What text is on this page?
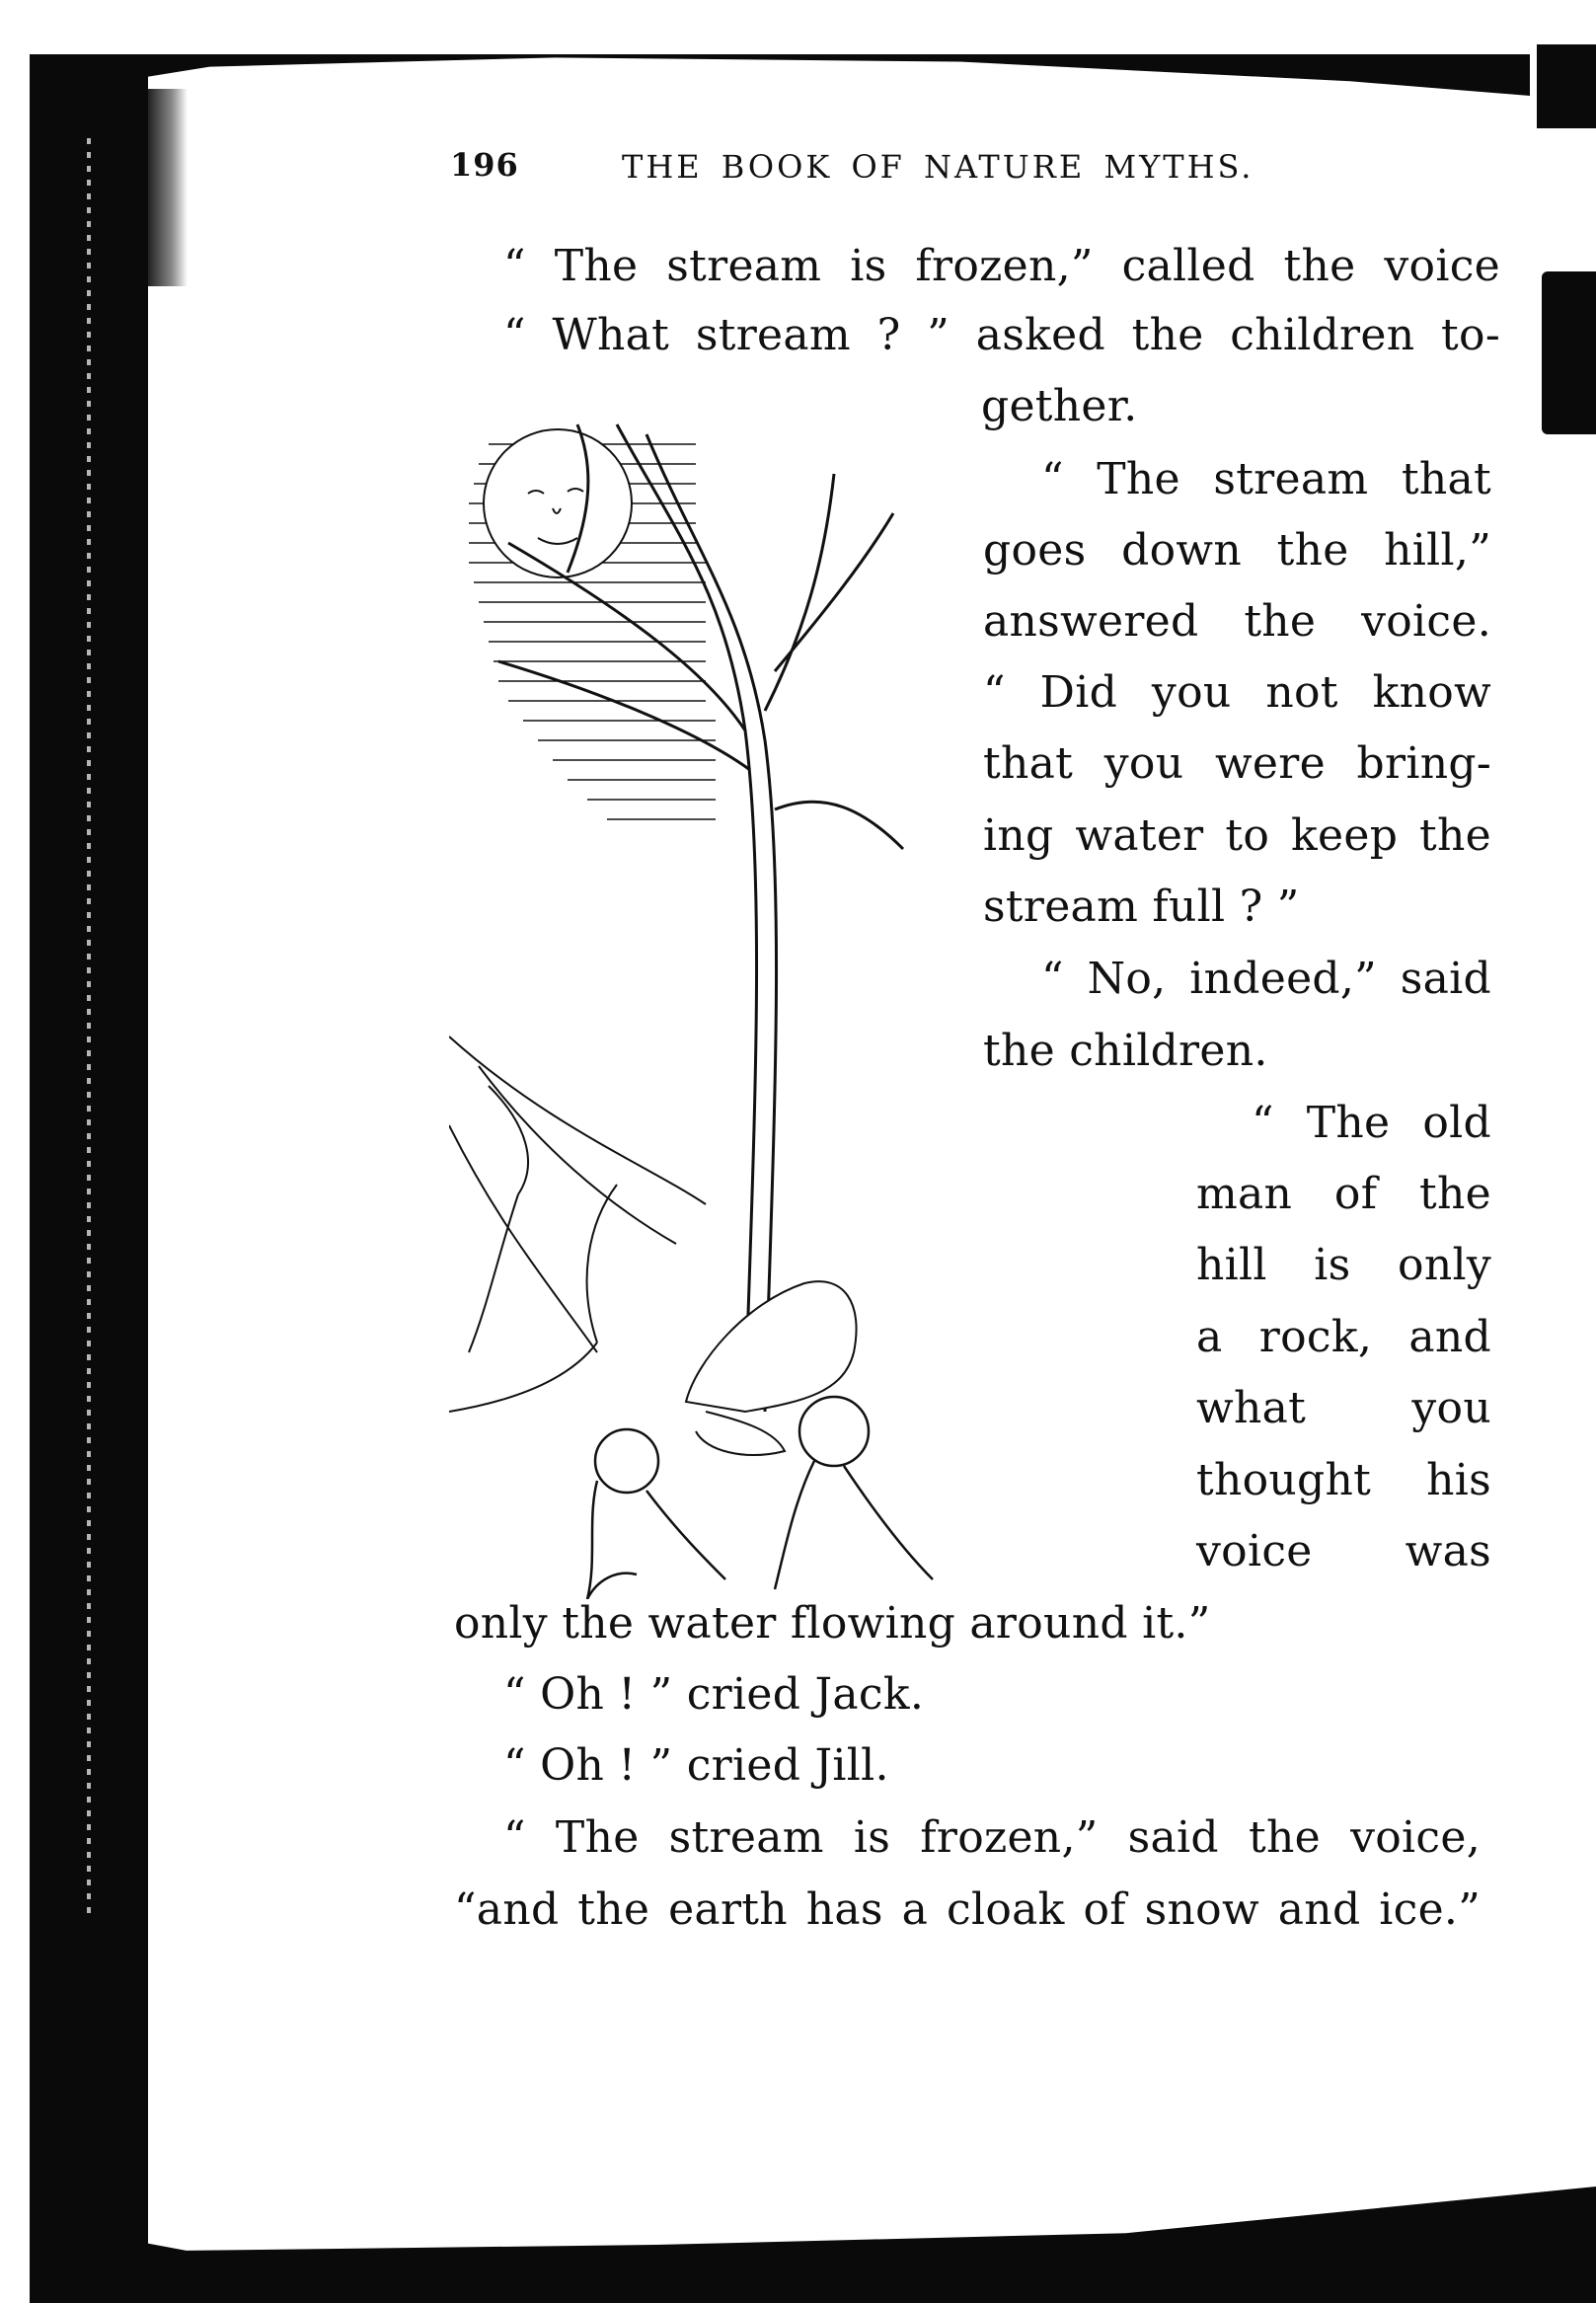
196	THE BOOK OF NATURE MYTHS.
“ The stream is frozen,” called the voice
“ What stream ? ” asked the children to-
gether.
“ The stream that
goes down the hill,”
answered the voice.
“ Did you not know
that you were bring-
ing water to keep the
stream full ? ”
“ No, indeed,” said
the children.
“ The old
man of the
hill is only
a rock, and
what you
thought his
voice was
only the water flowing around it.”
“ Oh ! ” cried Jack.
“ Oh ! ” cried Jill.
“ The stream is frozen,” said the voice,
“and the earth has a cloak of snow and ice.”
